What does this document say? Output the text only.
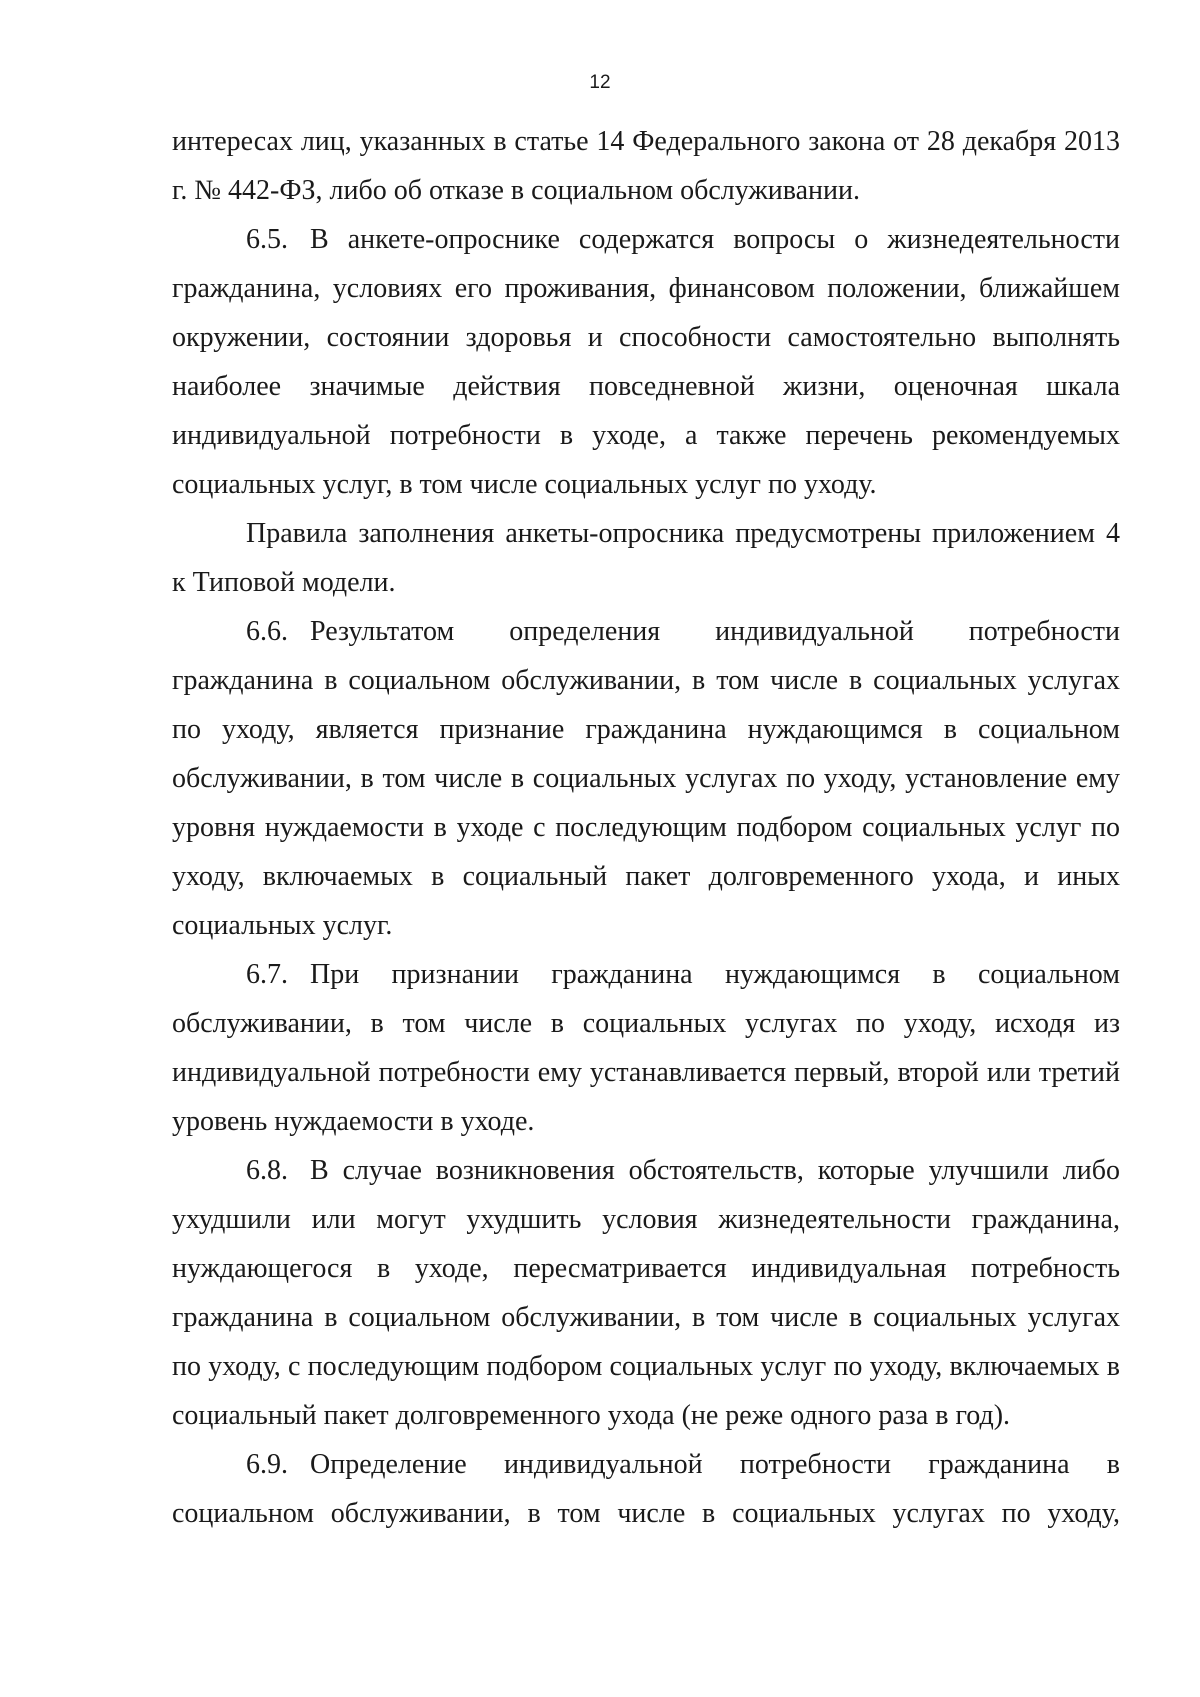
12

интересах лиц, указанных в статье 14 Федерального закона от 28 декабря 2013 г. № 442-ФЗ, либо об отказе в социальном обслуживании.

6.5. В анкете-опроснике содержатся вопросы о жизнедеятельности гражданина, условиях его проживания, финансовом положении, ближайшем окружении, состоянии здоровья и способности самостоятельно выполнять наиболее значимые действия повседневной жизни, оценочная шкала индивидуальной потребности в уходе, а также перечень рекомендуемых социальных услуг, в том числе социальных услуг по уходу.

Правила заполнения анкеты-опросника предусмотрены приложением 4 к Типовой модели.

6.6. Результатом определения индивидуальной потребности гражданина в социальном обслуживании, в том числе в социальных услугах по уходу, является признание гражданина нуждающимся в социальном обслуживании, в том числе в социальных услугах по уходу, установление ему уровня нуждаемости в уходе с последующим подбором социальных услуг по уходу, включаемых в социальный пакет долговременного ухода, и иных социальных услуг.

6.7. При признании гражданина нуждающимся в социальном обслуживании, в том числе в социальных услугах по уходу, исходя из индивидуальной потребности ему устанавливается первый, второй или третий уровень нуждаемости в уходе.

6.8. В случае возникновения обстоятельств, которые улучшили либо ухудшили или могут ухудшить условия жизнедеятельности гражданина, нуждающегося в уходе, пересматривается индивидуальная потребность гражданина в социальном обслуживании, в том числе в социальных услугах по уходу, с последующим подбором социальных услуг по уходу, включаемых в социальный пакет долговременного ухода (не реже одного раза в год).

6.9. Определение индивидуальной потребности гражданина в социальном обслуживании, в том числе в социальных услугах по уходу,
